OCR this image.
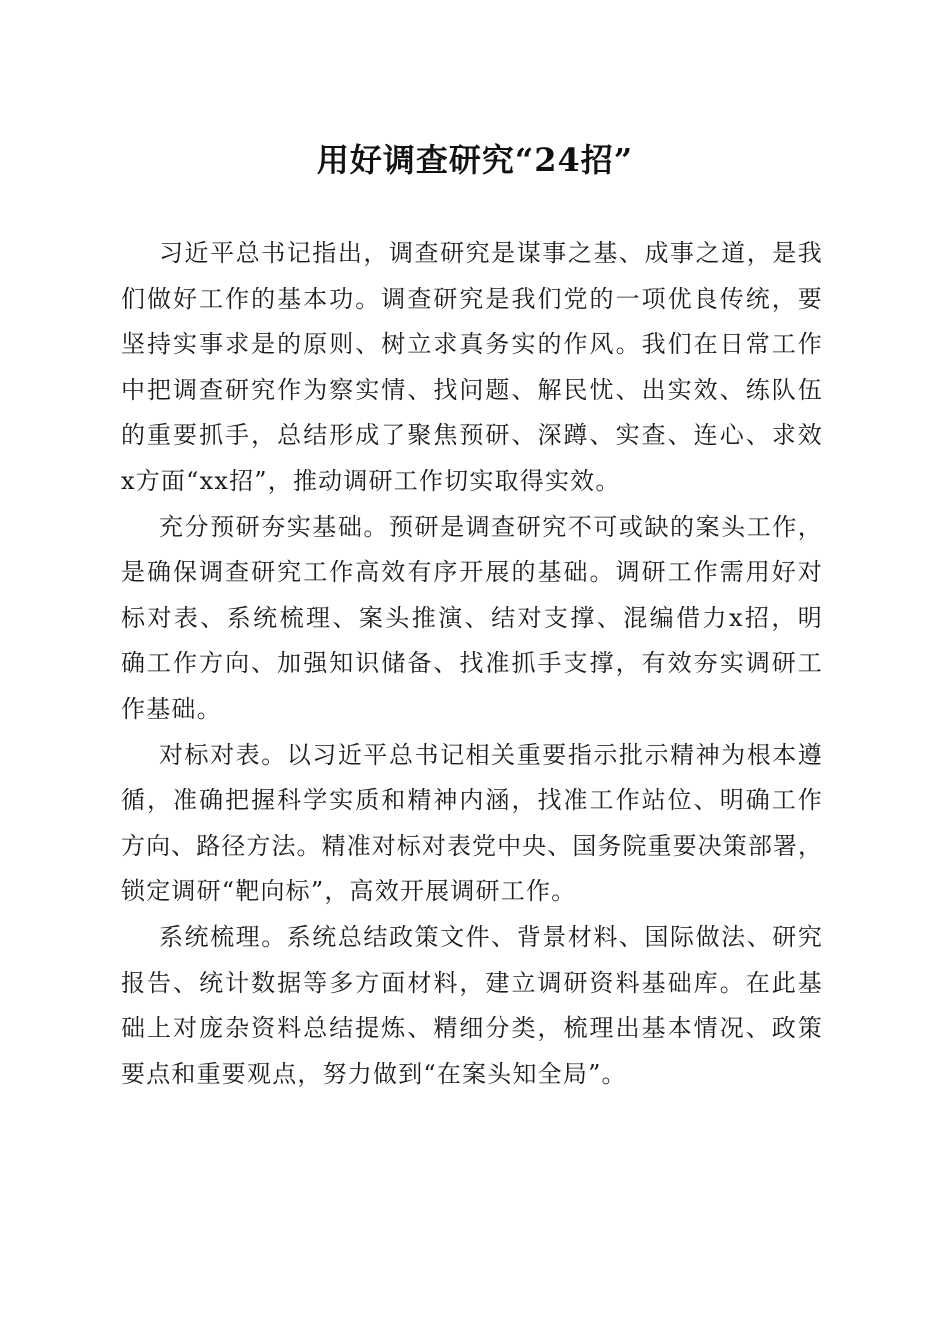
用好调查研究“24招”
习近平总书记指出，调查研究是谋事之基、成事之道，是我
们做好工作的基本功。调查研究是我们党的一项优良传统，要
坚持实事求是的原则、树立求真务实的作风。我们在日常工作
中把调查研究作为察实情、找问题、解民忧、出实效、练队伍
的重要抓手，总结形成了聚焦预研、深蹲、实查、连心、求效
x方面“xx招”，推动调研工作切实取得实效。
充分预研夯实基础。预研是调查研究不可或缺的案头工作，
是确保调查研究工作高效有序开展的基础。调研工作需用好对
标对表、系统梳理、案头推演、结对支撑、混编借力x招，明
确工作方向、加强知识储备、找准抓手支撑，有效夯实调研工
作基础。
对标对表。以习近平总书记相关重要指示批示精神为根本遵
循，准确把握科学实质和精神内涵，找准工作站位、明确工作
方向、路径方法。精准对标对表党中央、国务院重要决策部署，
锁定调研“靶向标”，高效开展调研工作。
系统梳理。系统总结政策文件、背景材料、国际做法、研究
报告、统计数据等多方面材料，建立调研资料基础库。在此基
础上对庞杂资料总结提炼、精细分类，梳理出基本情况、政策
要点和重要观点，努力做到“在案头知全局”。
